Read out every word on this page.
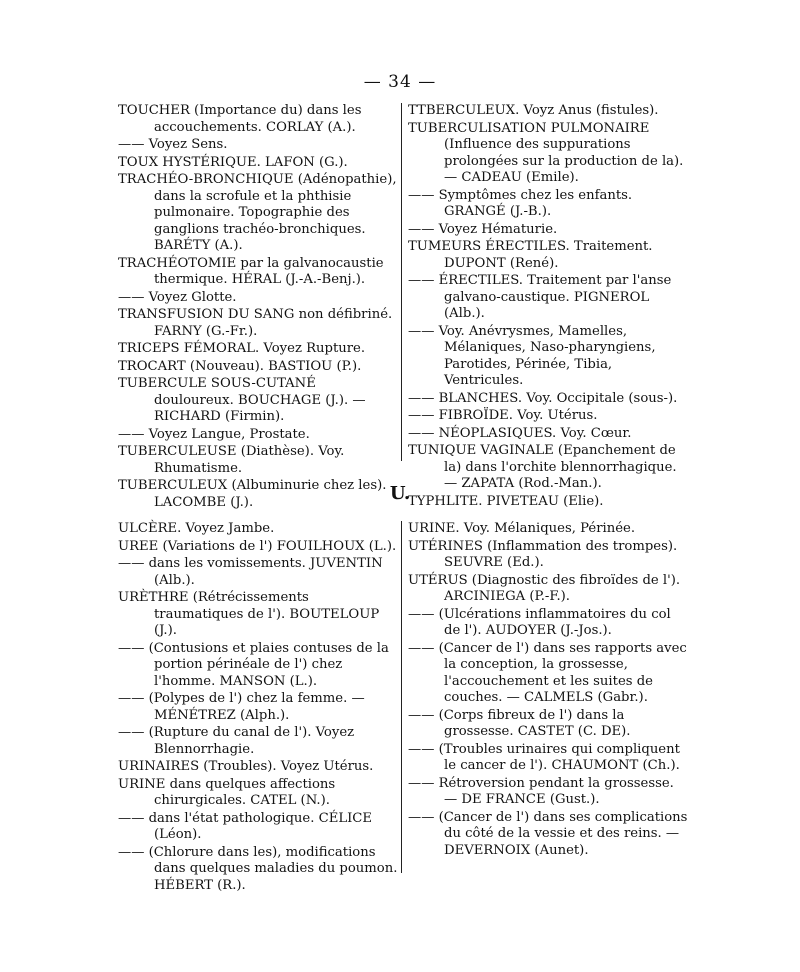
— 34 —

TOUCHER (Importance du) dans les accouchements. CORLAY (A.).

—— Voyez Sens.

TOUX HYSTÉRIQUE. LAFON (G.).

TRACHÉO-BRONCHIQUE (Adénopathie), dans la scrofule et la phthisie pulmonaire. Topographie des ganglions trachéo-bronchiques. BARÉTY (A.).

TRACHÉOTOMIE par la galvanocaustie thermique. HÉRAL (J.-A.-Benj.).

—— Voyez Glotte.

TRANSFUSION DU SANG non défibriné. FARNY (G.-Fr.).

TRICEPS FÉMORAL. Voyez Rupture.

TROCART (Nouveau). BASTIOU (P.).

TUBERCULE SOUS-CUTANÉ douloureux. BOUCHAGE (J.). — RICHARD (Firmin).

—— Voyez Langue, Prostate.

TUBERCULEUSE (Diathèse). Voy. Rhumatisme.

TUBERCULEUX (Albuminurie chez les). LACOMBE (J.).

TTBERCULEUX. Voyz Anus (fistules).

TUBERCULISATION PULMONAIRE (Influence des suppurations prolongées sur la production de la). — CADEAU (Emile).

—— Symptômes chez les enfants. GRANGÉ (J.-B.).

—— Voyez Hématurie.

TUMEURS ÉRECTILES. Traitement. DUPONT (René).

—— ÉRECTILES. Traitement par l'anse galvano-caustique. PIGNEROL (Alb.).

—— Voy. Anévrysmes, Mamelles, Mélaniques, Naso-pharyngiens, Parotides, Périnée, Tibia, Ventricules.

—— BLANCHES. Voy. Occipitale (sous-).

—— FIBROÏDE. Voy. Utérus.

—— NÉOPLASIQUES. Voy. Cœur.

TUNIQUE VAGINALE (Epanchement de la) dans l'orchite blennorrhagique. — ZAPATA (Rod.-Man.).

TYPHLITE. PIVETEAU (Elie).

U.

ULCÈRE. Voyez Jambe.

UREE (Variations de l') FOUILHOUX (L.).

—— dans les vomissements. JUVENTIN (Alb.).

URÈTHRE (Rétrécissements traumatiques de l'). BOUTELOUP (J.).

—— (Contusions et plaies contuses de la portion périnéale de l') chez l'homme. MANSON (L.).

—— (Polypes de l') chez la femme. — MÉNÉTREZ (Alph.).

—— (Rupture du canal de l'). Voyez Blennorrhagie.

URINAIRES (Troubles). Voyez Utérus.

URINE dans quelques affections chirurgicales. CATEL (N.).

—— dans l'état pathologique. CÉLICE (Léon).

—— (Chlorure dans les), modifications dans quelques maladies du poumon. HÉBERT (R.).

URINE. Voy. Mélaniques, Périnée.

UTÉRINES (Inflammation des trompes). SEUVRE (Ed.).

UTÉRUS (Diagnostic des fibroïdes de l'). ARCINIEGA (P.-F.).

—— (Ulcérations inflammatoires du col de l'). AUDOYER (J.-Jos.).

—— (Cancer de l') dans ses rapports avec la conception, la grossesse, l'accouchement et les suites de couches. — CALMELS (Gabr.).

—— (Corps fibreux de l') dans la grossesse. CASTET (C. DE).

—— (Troubles urinaires qui compliquent le cancer de l'). CHAUMONT (Ch.).

—— Rétroversion pendant la grossesse. — DE FRANCE (Gust.).

—— (Cancer de l') dans ses complications du côté de la vessie et des reins. — DEVERNOIX (Aunet).
